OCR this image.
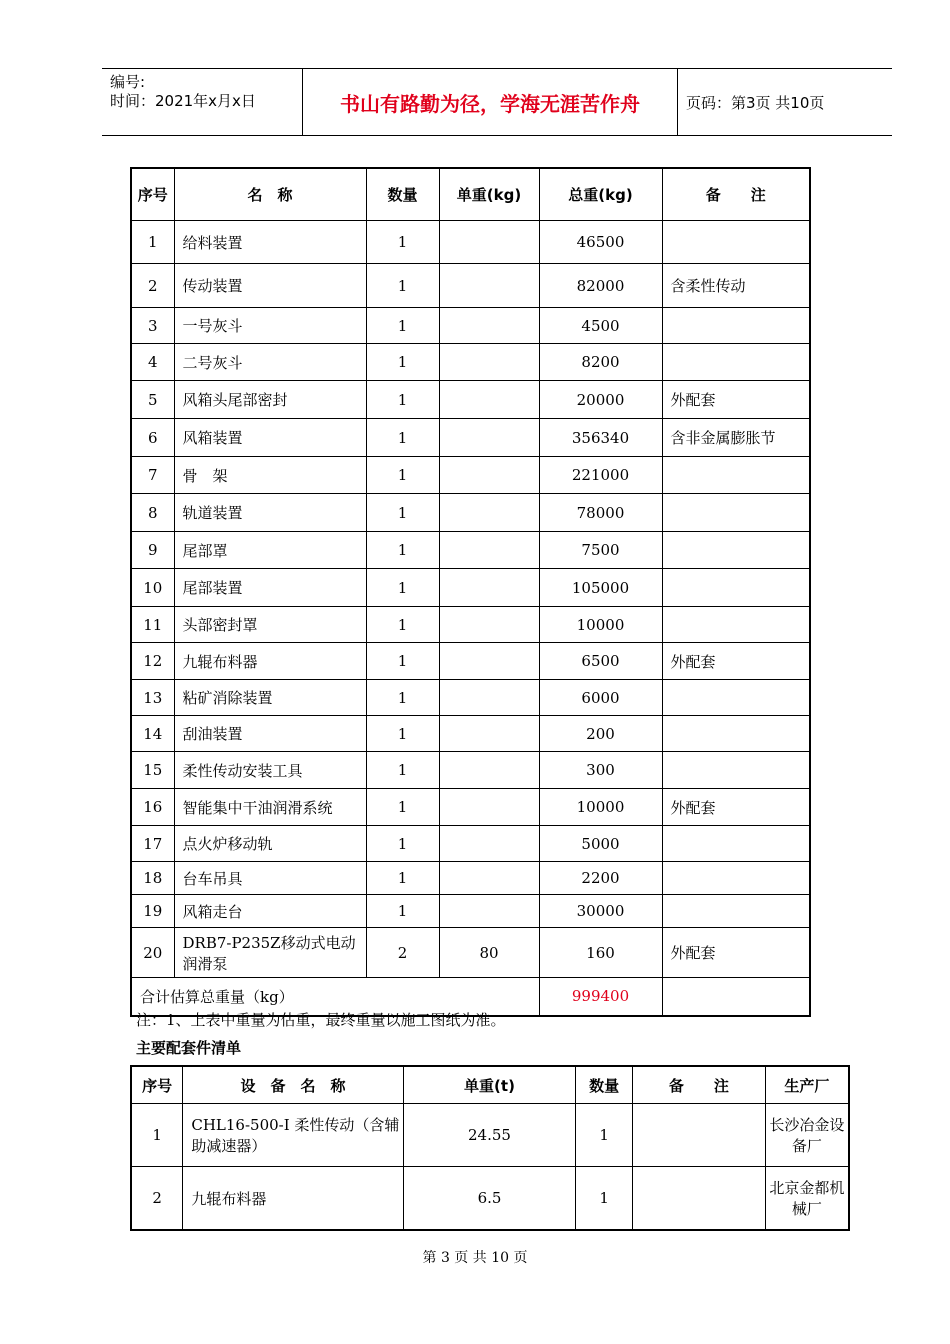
编号:
时间：2021年x月x日	书山有路勤为径，学海无涯苦作舟	页码：第3页 共10页
序号	名　称	数量	单重(kg)	总重(kg)	备　　注
1	给料装置	1		46500	
2	传动装置	1		82000	含柔性传动
3	一号灰斗	1		4500	
4	二号灰斗	1		8200	
5	风箱头尾部密封	1		20000	外配套
6	风箱装置	1		356340	含非金属膨胀节
7	骨　架	1		221000	
8	轨道装置	1		78000	
9	尾部罩	1		7500	
10	尾部装置	1		105000	
11	头部密封罩	1		10000	
12	九辊布料器	1		6500	外配套
13	粘矿消除装置	1		6000	
14	刮油装置	1		200	
15	柔性传动安装工具	1		300	
16	智能集中干油润滑系统	1		10000	外配套
17	点火炉移动轨	1		5000	
18	台车吊具	1		2200	
19	风箱走台	1		30000	
20	DRB7-P235Z移动式电动润滑泵	2	80	160	外配套
合计估算总重量（kg）				999400	
注：1、上表中重量为估重，最终重量以施工图纸为准。
主要配套件清单
序号	设　备　名　称	单重(t)	数量	备　　注	生产厂
1	CHL16-500-Ⅰ 柔性传动（含辅助减速器）	24.55	1		长沙冶金设备厂
2	九辊布料器	6.5	1		北京金都机械厂
第 3 页 共 10 页
